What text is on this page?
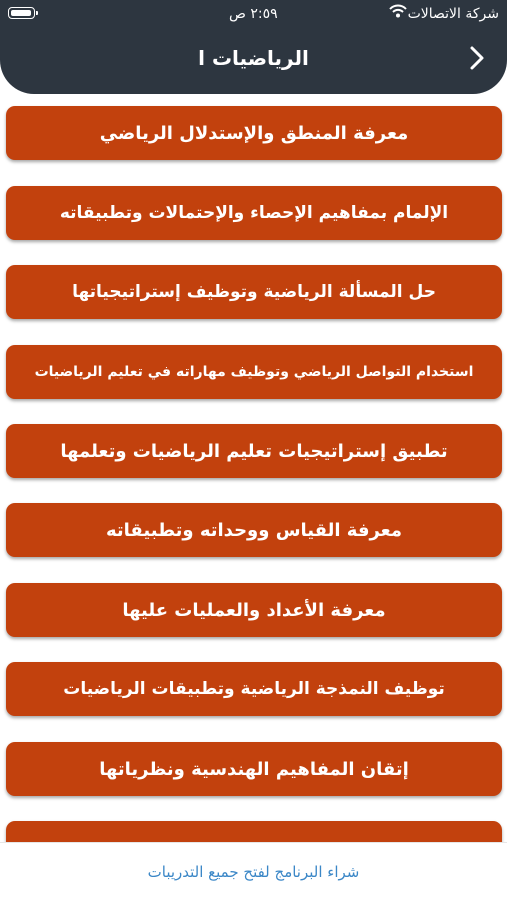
معرفة المنطق والإستدلال الرياضي
الإلمام بمفاهيم الإحصاء والإحتمالات وتطبيقاته
حل المسألة الرياضية وتوظيف إستراتيجياتها
استخدام التواصل الرياضي وتوظيف مهاراته في تعليم الرياضيات
تطبيق إستراتيجيات تعليم الرياضيات وتعلمها
معرفة القياس ووحداته وتطبيقاته
معرفة الأعداد والعمليات عليها
توظيف النمذجة الرياضية وتطبيقات الرياضيات
إتقان المفاهيم الهندسية ونظرياتها
شركة الاتصالات
٢:٥٩ ص
الرياضيات ا
شراء البرنامج لفتح جميع التدريبات
